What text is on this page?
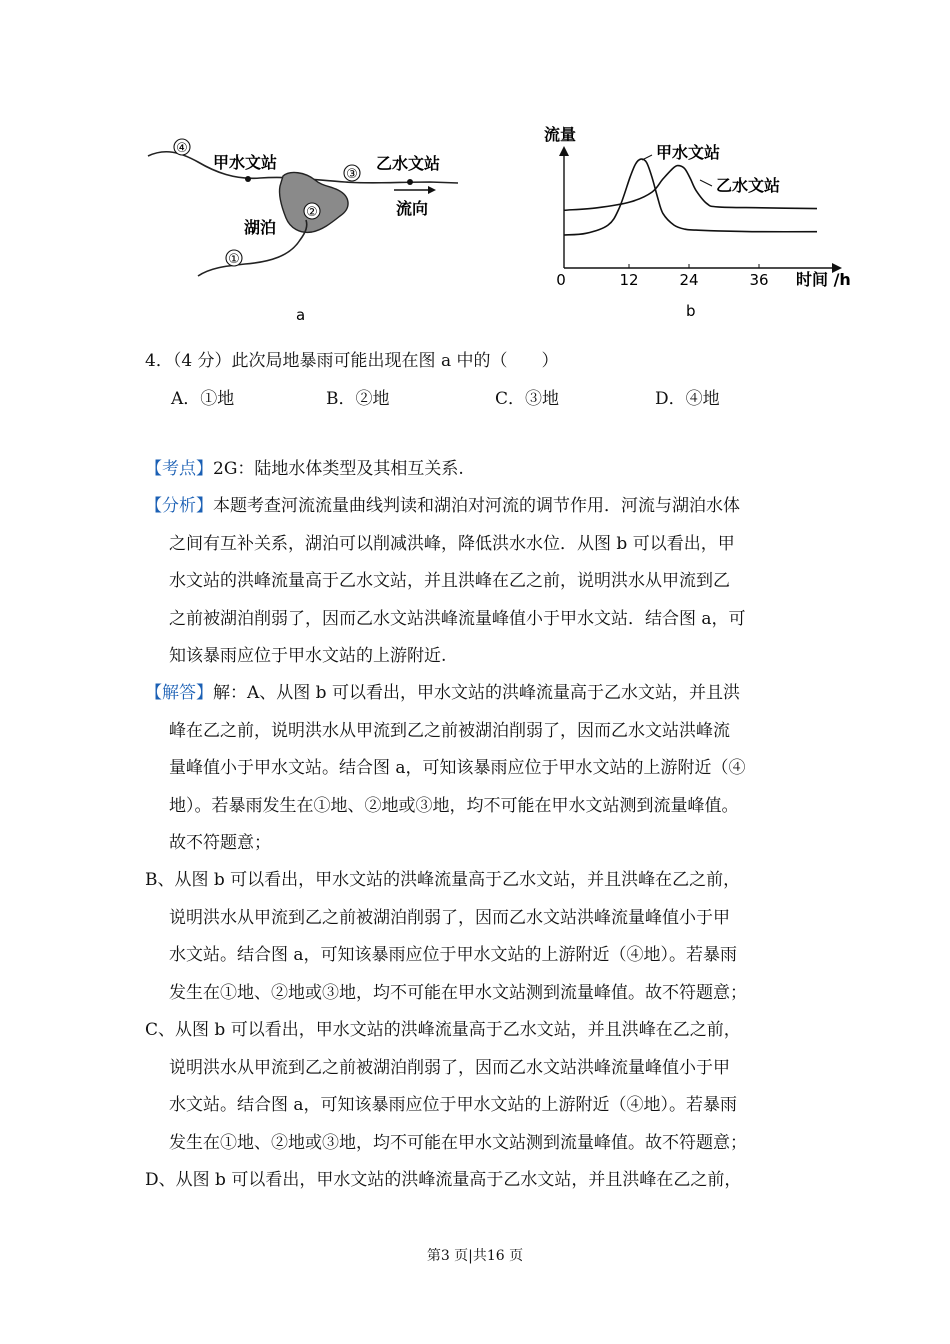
④
③
②
①
甲水文站	乙水文站
湖泊
流向
a
流量
时间 /h
0	12	24	36
甲水文站
乙水文站
b
4．（4 分）此次局地暴雨可能出现在图 a 中的（　　）
A．①地	B．②地	C．③地	D．④地
【考点】2G：陆地水体类型及其相互关系.
【分析】本题考查河流流量曲线判读和湖泊对河流的调节作用．河流与湖泊水体
之间有互补关系，湖泊可以削减洪峰，降低洪水水位．从图 b 可以看出，甲
水文站的洪峰流量高于乙水文站，并且洪峰在乙之前，说明洪水从甲流到乙
之前被湖泊削弱了，因而乙水文站洪峰流量峰值小于甲水文站．结合图 a，可
知该暴雨应位于甲水文站的上游附近.
【解答】解：A、从图 b 可以看出，甲水文站的洪峰流量高于乙水文站，并且洪
峰在乙之前，说明洪水从甲流到乙之前被湖泊削弱了，因而乙水文站洪峰流
量峰值小于甲水文站。结合图 a，可知该暴雨应位于甲水文站的上游附近（④
地）。若暴雨发生在①地、②地或③地，均不可能在甲水文站测到流量峰值。
故不符题意；
B、从图 b 可以看出，甲水文站的洪峰流量高于乙水文站，并且洪峰在乙之前，
说明洪水从甲流到乙之前被湖泊削弱了，因而乙水文站洪峰流量峰值小于甲
水文站。结合图 a，可知该暴雨应位于甲水文站的上游附近（④地）。若暴雨
发生在①地、②地或③地，均不可能在甲水文站测到流量峰值。故不符题意；
C、从图 b 可以看出，甲水文站的洪峰流量高于乙水文站，并且洪峰在乙之前，
说明洪水从甲流到乙之前被湖泊削弱了，因而乙水文站洪峰流量峰值小于甲
水文站。结合图 a，可知该暴雨应位于甲水文站的上游附近（④地）。若暴雨
发生在①地、②地或③地，均不可能在甲水文站测到流量峰值。故不符题意；
D、从图 b 可以看出，甲水文站的洪峰流量高于乙水文站，并且洪峰在乙之前，
第3 页|共16 页
